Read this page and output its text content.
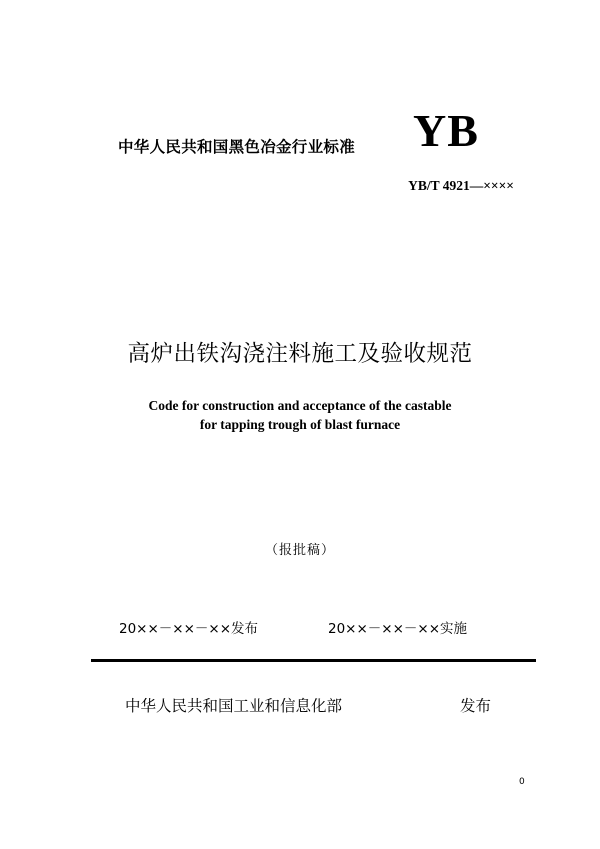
中华人民共和国黑色冶金行业标准 YB
YB/T 4921—××××
高炉出铁沟浇注料施工及验收规范
Code for construction and acceptance of the castable
for tapping trough of blast furnace
（报批稿）
20××－××－××发布	20××－××－××实施
中华人民共和国工业和信息化部	发布
0
